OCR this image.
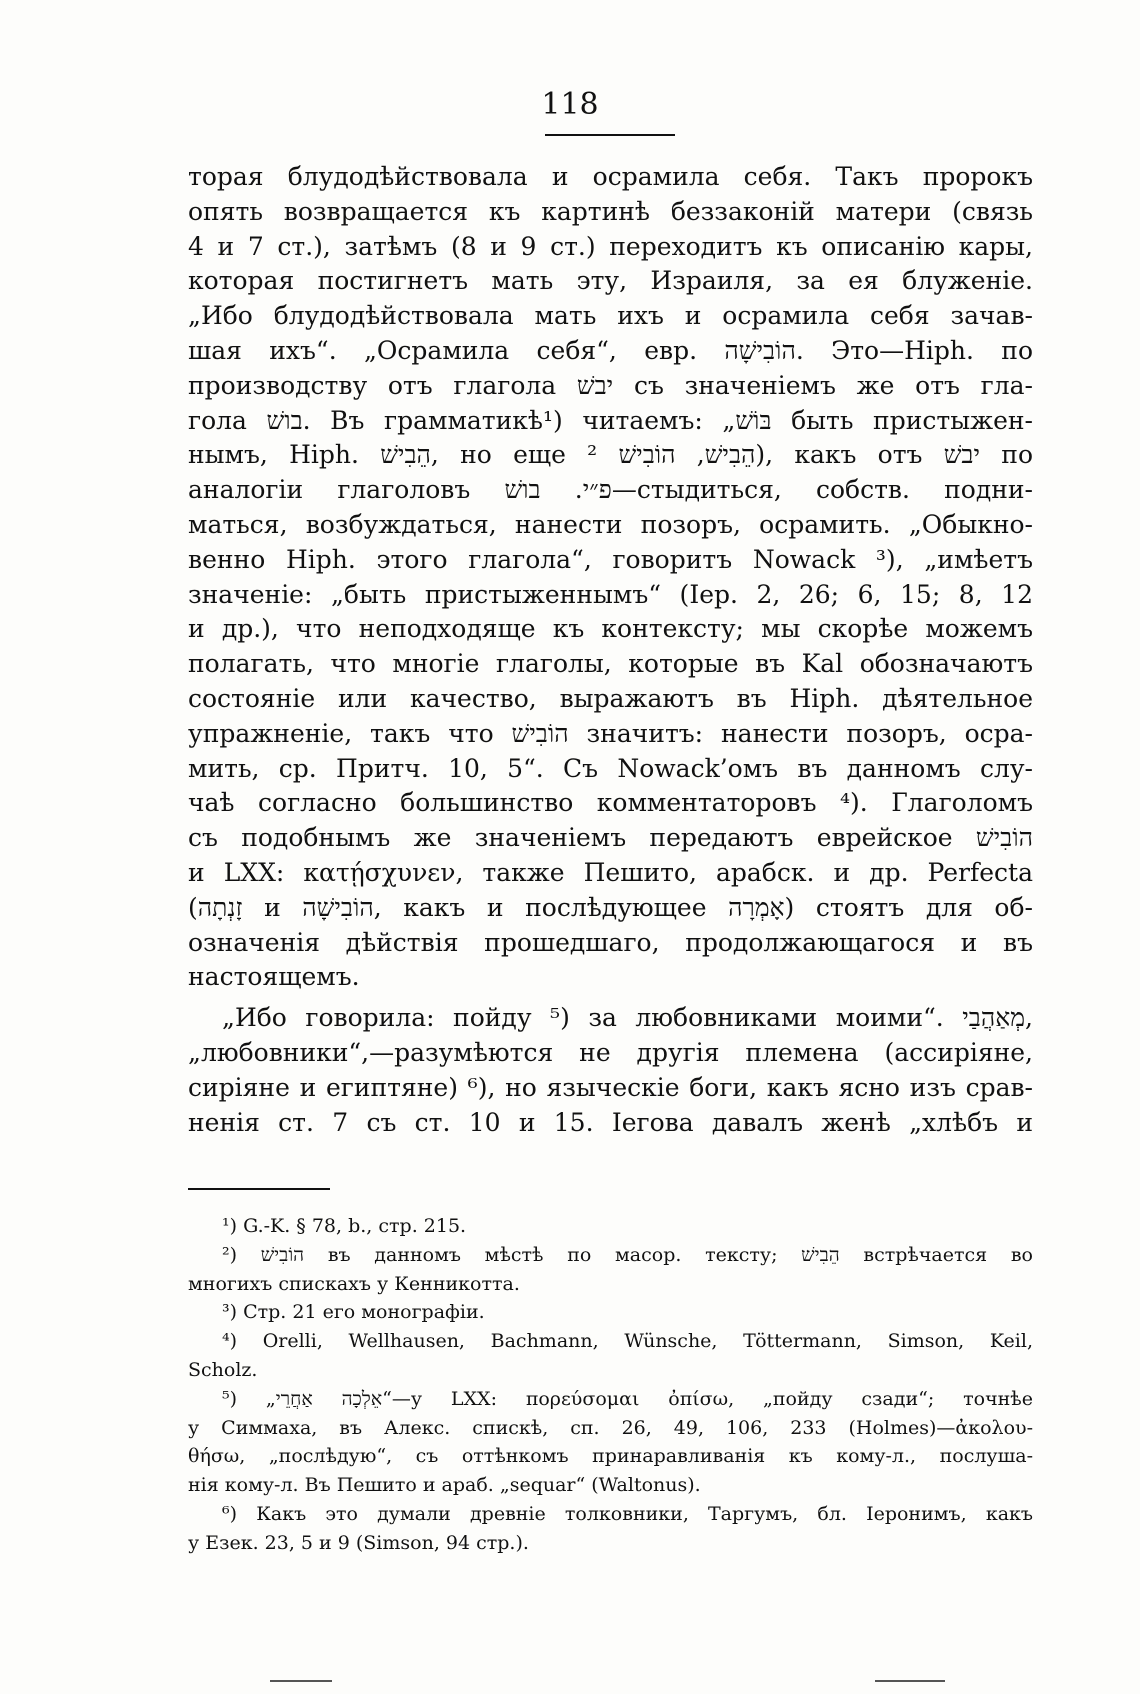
118
торая блудодѣйствовала и осрамила себя. Такъ пророкъ
опять возвращается къ картинѣ беззаконій матери (связь
4 и 7 ст.), затѣмъ (8 и 9 ст.) переходитъ къ описанію кары,
которая постигнетъ мать эту, Израиля, за ея блуженіе.
„Ибо блудодѣйствовала мать ихъ и осрамила себя зачав-
шая ихъ“. „Осрамила себя“, евр. הוֹבִישָׁה. Это—Hiph. по
производству отъ глагола יבשׁ съ значеніемъ же отъ гла-
гола בושׁ. Въ грамматикѣ¹) читаемъ: „בּוֹשׁ быть пристыжен-
нымъ, Hiph. הֵבִישׁ, но еще הֵבִישׁ, הוֹבִישׁ ²), какъ отъ יבשׁ по
аналогіи глаголовъ פ״י. בושׁ—стыдиться, собств. подни-
маться, возбуждаться, нанести позоръ, осрамить. „Обыкно-
венно Hiph. этого глагола“, говоритъ Nowack ³), „имѣетъ
значеніе: „быть пристыженнымъ“ (Iер. 2, 26; 6, 15; 8, 12
и др.), что неподходяще къ контексту; мы скорѣе можемъ
полагать, что многіе глаголы, которые въ Kal обозначаютъ
состояніе или качество, выражаютъ въ Hiph. дѣятельное
упражненіе, такъ что הוֹבִישׁ значитъ: нанести позоръ, осра-
мить, ср. Притч. 10, 5“. Съ Nowack’омъ въ данномъ слу-
чаѣ согласно большинство комментаторовъ ⁴). Глаголомъ
съ подобнымъ же значеніемъ передаютъ еврейское הוֹבִישׁ
и LXX: κατῄσχυνεν, также Пешито, арабск. и др. Perfecta
(זָנְתָה и הוֹבִישָׁה, какъ и послѣдующее אָמְרָה) стоятъ для об-
означенія дѣйствія прошедшаго, продолжающагося и въ
настоящемъ.
„Ибо говорила: пойду ⁵) за любовниками моими“. מְאַהֲבַי,
„любовники“,—разумѣются не другія племена (ассиріяне,
сиріяне и египтяне) ⁶), но языческіе боги, какъ ясно изъ срав-
ненія ст. 7 съ ст. 10 и 15. Iегова давалъ женѣ „хлѣбъ и
¹) G.-K. § 78, b., стр. 215.
²) הוֹבִישׁ въ данномъ мѣстѣ по масор. тексту; הֵבִישׁ встрѣчается во
многихъ спискахъ у Кенникотта.
³) Стр. 21 его монографіи.
⁴) Orelli, Wellhausen, Bachmann, Wünsche, Töttermann, Simson, Keil,
Scholz.
⁵) „אֵלְכָה אַחֲרֵי“—у LXX: πορεύσομαι ὀπίσω, „пойду сзади“; точнѣе
у Симмаха, въ Алекс. спискѣ, сп. 26, 49, 106, 233 (Holmes)—ἀκολου-
θήσω, „послѣдую“, съ оттѣнкомъ принаравливанія къ кому-л., послуша-
нія кому-л. Въ Пешито и араб. „sequar“ (Waltonus).
⁶) Какъ это думали древніе толковники, Таргумъ, бл. Iеронимъ, какъ
у Езек. 23, 5 и 9 (Simson, 94 стр.).
